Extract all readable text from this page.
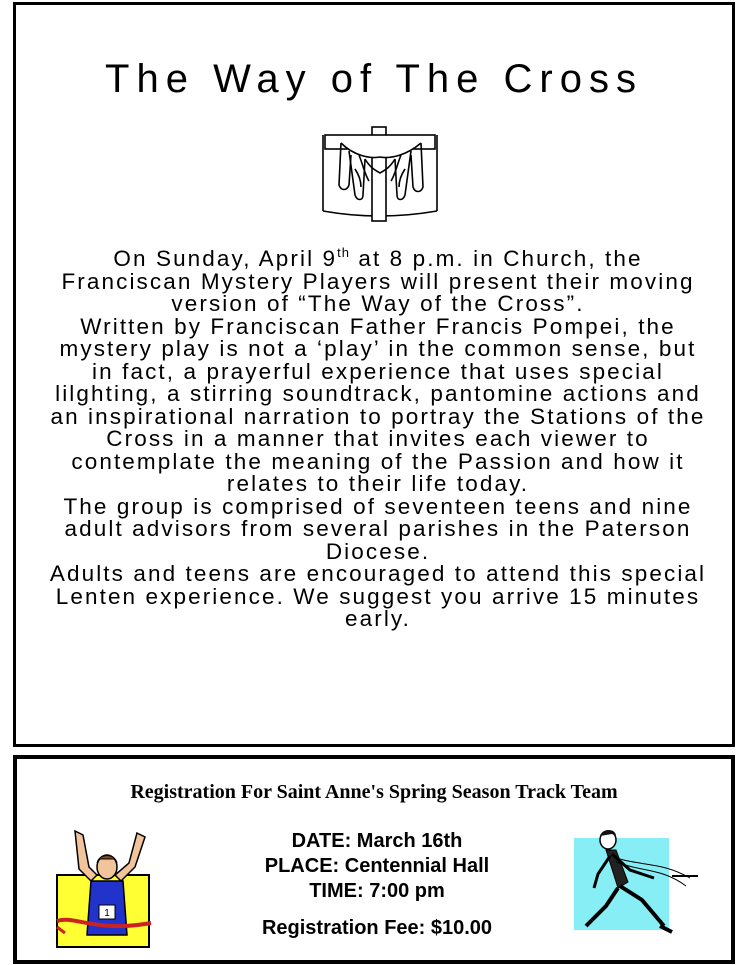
The Way of The Cross

On Sunday, April 9th at 8 p.m. in Church, the Franciscan Mystery Players will present their moving version of “The Way of the Cross”.

Written by Franciscan Father Francis Pompei, the mystery play is not a ‘play’ in the common sense, but in fact, a prayerful experience that uses special lilghting, a stirring soundtrack, pantomine actions and an inspirational narration to portray the Stations of the Cross in a manner that invites each viewer to contemplate the meaning of the Passion and how it relates to their life today.

The group is comprised of seventeen teens and nine adult advisors from several parishes in the Paterson Diocese.

Adults and teens are encouraged to attend this special Lenten experience. We suggest you arrive 15 minutes early.

Registration For Saint Anne's Spring Season Track Team
1
DATE: March 16th
PLACE: Centennial Hall
TIME: 7:00 pm
Registration Fee: $10.00
